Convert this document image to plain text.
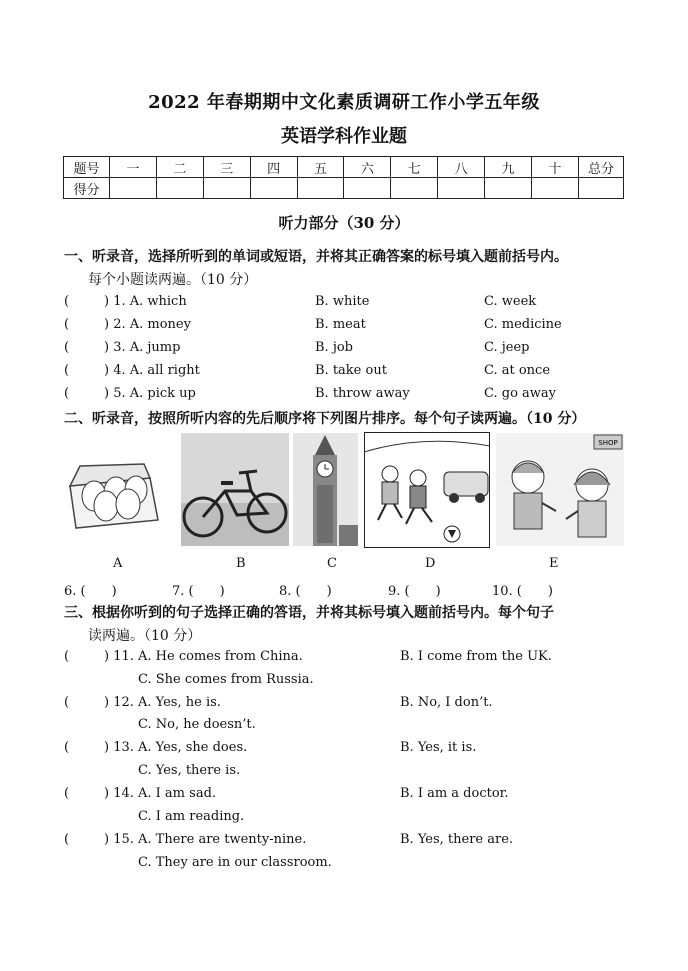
2022 年春期期中文化素质调研工作小学五年级
英语学科作业题
题号	一	二	三	四	五	六	七	八	九	十	总分
得分											
听力部分（30 分）
一、听录音，选择所听到的单词或短语，并将其正确答案的标号填入题前括号内。
每个小题读两遍。（10 分）
(	) 1. A. which	B. white	C. week
(	) 2. A. money	B. meat	C. medicine
(	) 3. A. jump	B. job	C. jeep
(	) 4. A. all right	B. take out	C. at once
(	) 5. A. pick up	B. throw away	C. go away
二、听录音，按照所听内容的先后顺序将下列图片排序。每个句子读两遍。（10 分）
SHOP
A	B	C	D	E
6. (　　)	7. (　　)	8. (　　)	9. (　　)	10. (　　)
三、根据你听到的句子选择正确的答语，并将其标号填入题前括号内。每个句子
读两遍。（10 分）
(	) 11. A. He comes from China.	B. I come from the UK.
C. She comes from Russia.
(	) 12. A. Yes, he is.	B. No, I don’t.
C. No, he doesn’t.
(	) 13. A. Yes, she does.	B. Yes, it is.
C. Yes, there is.
(	) 14. A. I am sad.	B. I am a doctor.
C. I am reading.
(	) 15. A. There are twenty-nine.	B. Yes, there are.
C. They are in our classroom.
